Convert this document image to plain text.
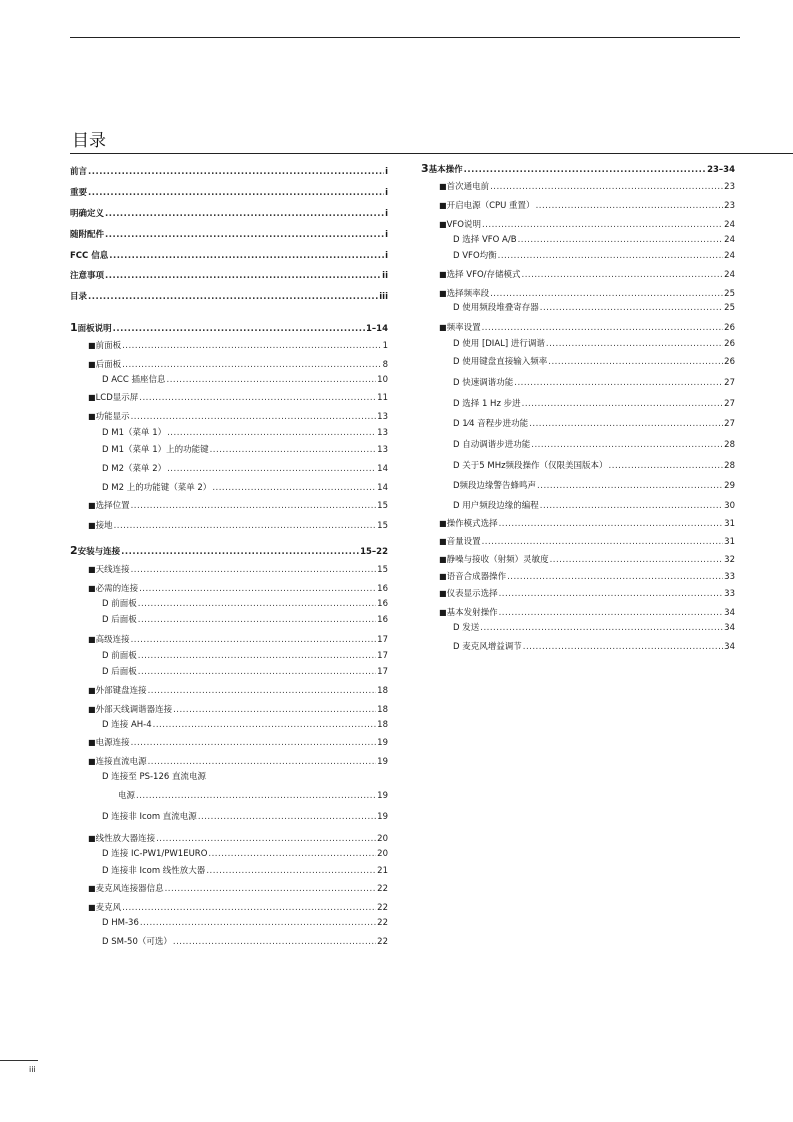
目录
前言 .....	i
重要 .....	i
明确定义 .....	i
随附配件 .....	i
FCC 信息 .....	i
注意事项 .....	ii
目录 .....	iii
1 面板说明 .....	1–14
■ 前面板 .....	1
■ 后面板 .....	8
D ACC 插座信息 .....	10
■ LCD显示屏 .....	11
■ 功能显示 .....	13
D M1（菜单 1） .....	13
D M1（菜单 1）上的功能键 .....	13
D M2（菜单 2） .....	14
D M2 上的功能键（菜单 2） .....	14
■ 选择位置 .....	15
■ 接地 .....	15
2 安装与连接 .....	15–22
■ 天线连接 .....	15
■ 必需的连接 .....	16
D 前面板 .....	16
D 后面板 .....	16
■ 高级连接 .....	17
D 前面板 .....	17
D 后面板 .....	17
■ 外部键盘连接 .....	18
■ 外部天线调谐器连接 .....	18
D 连接 AH-4 .....	18
■ 电源连接 .....	19
■ 连接直流电源 .....	19
D 连接至 PS-126 直流电源
电源 .....	19
D 连接非 Icom 直流电源 .....	19
■ 线性放大器连接 .....	20
D 连接 IC-PW1/PW1EURO .....	20
D 连接非 Icom 线性放大器 .....	21
■ 麦克风连接器信息 .....	22
■ 麦克风 .....	22
D HM-36 .....	22
D SM-50（可选） .....	22
3 基本操作 .....	23–34
■ 首次通电前 .....	23
■ 开启电源（CPU 重置） .....	23
■ VFO说明 .....	24
D 选择 VFO A/B .....	24
D VFO均衡 .....	24
■ 选择 VFO/存储模式 .....	24
■ 选择频率段 .....	25
D 使用频段堆叠寄存器 .....	25
■ 频率设置 .....	26
D 使用 [DIAL] 进行调谐 .....	26
D 使用键盘直接输入频率 .....	26
D 快速调谐功能 .....	27
D 选择 1 Hz 步进 .....	27
D 1⁄4 音程步进功能 .....	27
D 自动调谐步进功能 .....	28
D 关于5 MHz频段操作（仅限美国版本） .....	28
D频段边缘警告蜂鸣声 .....	29
D 用户频段边缘的编程 .....	30
■ 操作模式选择 .....	31
■ 音量设置 .....	31
■ 静噪与接收（射频）灵敏度 .....	32
■ 语音合成器操作 .....	33
■ 仪表显示选择 .....	33
■ 基本发射操作 .....	34
D 发送 .....	34
D 麦克风增益调节 .....	34
iii
